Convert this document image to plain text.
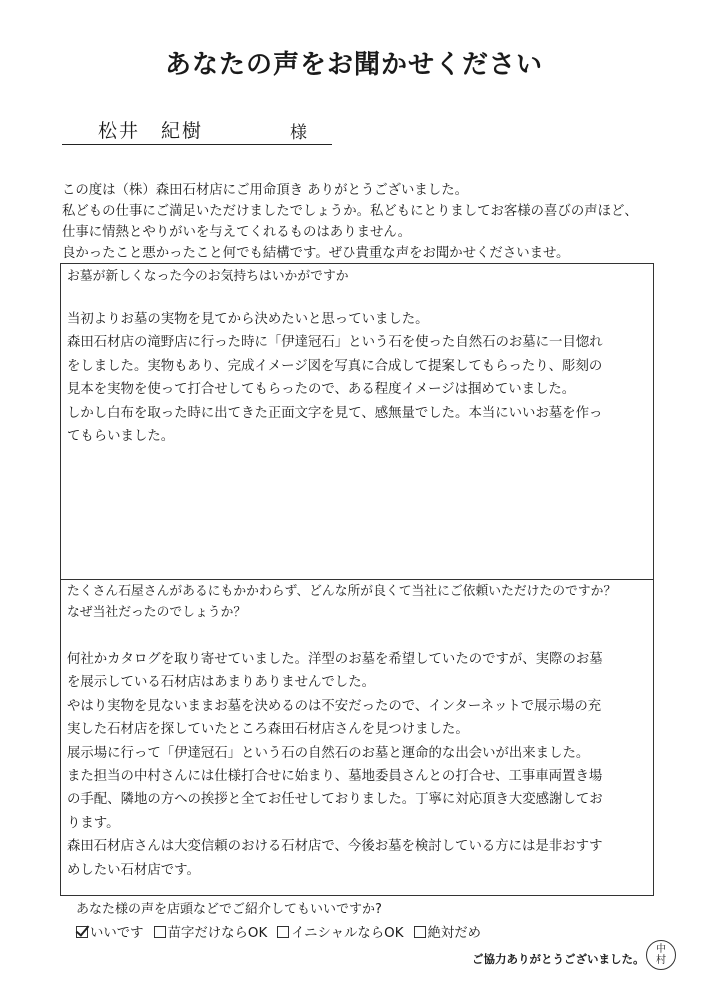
あなたの声をお聞かせください
松井　紀樹	様

この度は（株）森田石材店にご用命頂き ありがとうございました。

私どもの仕事にご満足いただけましたでしょうか。私どもにとりましてお客様の喜びの声ほど、

仕事に情熱とやりがいを与えてくれるものはありません。

良かったこと悪かったこと何でも結構です。ぜひ貴重な声をお聞かせくださいませ。

お墓が新しくなった今のお気持ちはいかがですか

当初よりお墓の実物を見てから決めたいと思っていました。

森田石材店の滝野店に行った時に「伊達冠石」という石を使った自然石のお墓に一目惚れ

をしました。実物もあり、完成イメージ図を写真に合成して提案してもらったり、彫刻の

見本を実物を使って打合せしてもらったので、ある程度イメージは掴めていました。

しかし白布を取った時に出てきた正面文字を見て、感無量でした。本当にいいお墓を作っ

てもらいました。

たくさん石屋さんがあるにもかかわらず、どんな所が良くて当社にご依頼いただけたのですか？
なぜ当社だったのでしょうか？

何社かカタログを取り寄せていました。洋型のお墓を希望していたのですが、実際のお墓

を展示している石材店はあまりありませんでした。

やはり実物を見ないままお墓を決めるのは不安だったので、インターネットで展示場の充

実した石材店を探していたところ森田石材店さんを見つけました。

展示場に行って「伊達冠石」という石の自然石のお墓と運命的な出会いが出来ました。

また担当の中村さんには仕様打合せに始まり、墓地委員さんとの打合せ、工事車両置き場

の手配、隣地の方への挨拶と全てお任せしておりました。丁寧に対応頂き大変感謝してお

ります。

森田石材店さんは大変信頼のおける石材店で、今後お墓を検討している方には是非おすす

めしたい石材店です。

あなた様の声を店頭などでご紹介してもいいですか?
いいです	苗字だけならOK	イニシャルならOK	絶対だめ
ご協力ありがとうございました。
中
村
